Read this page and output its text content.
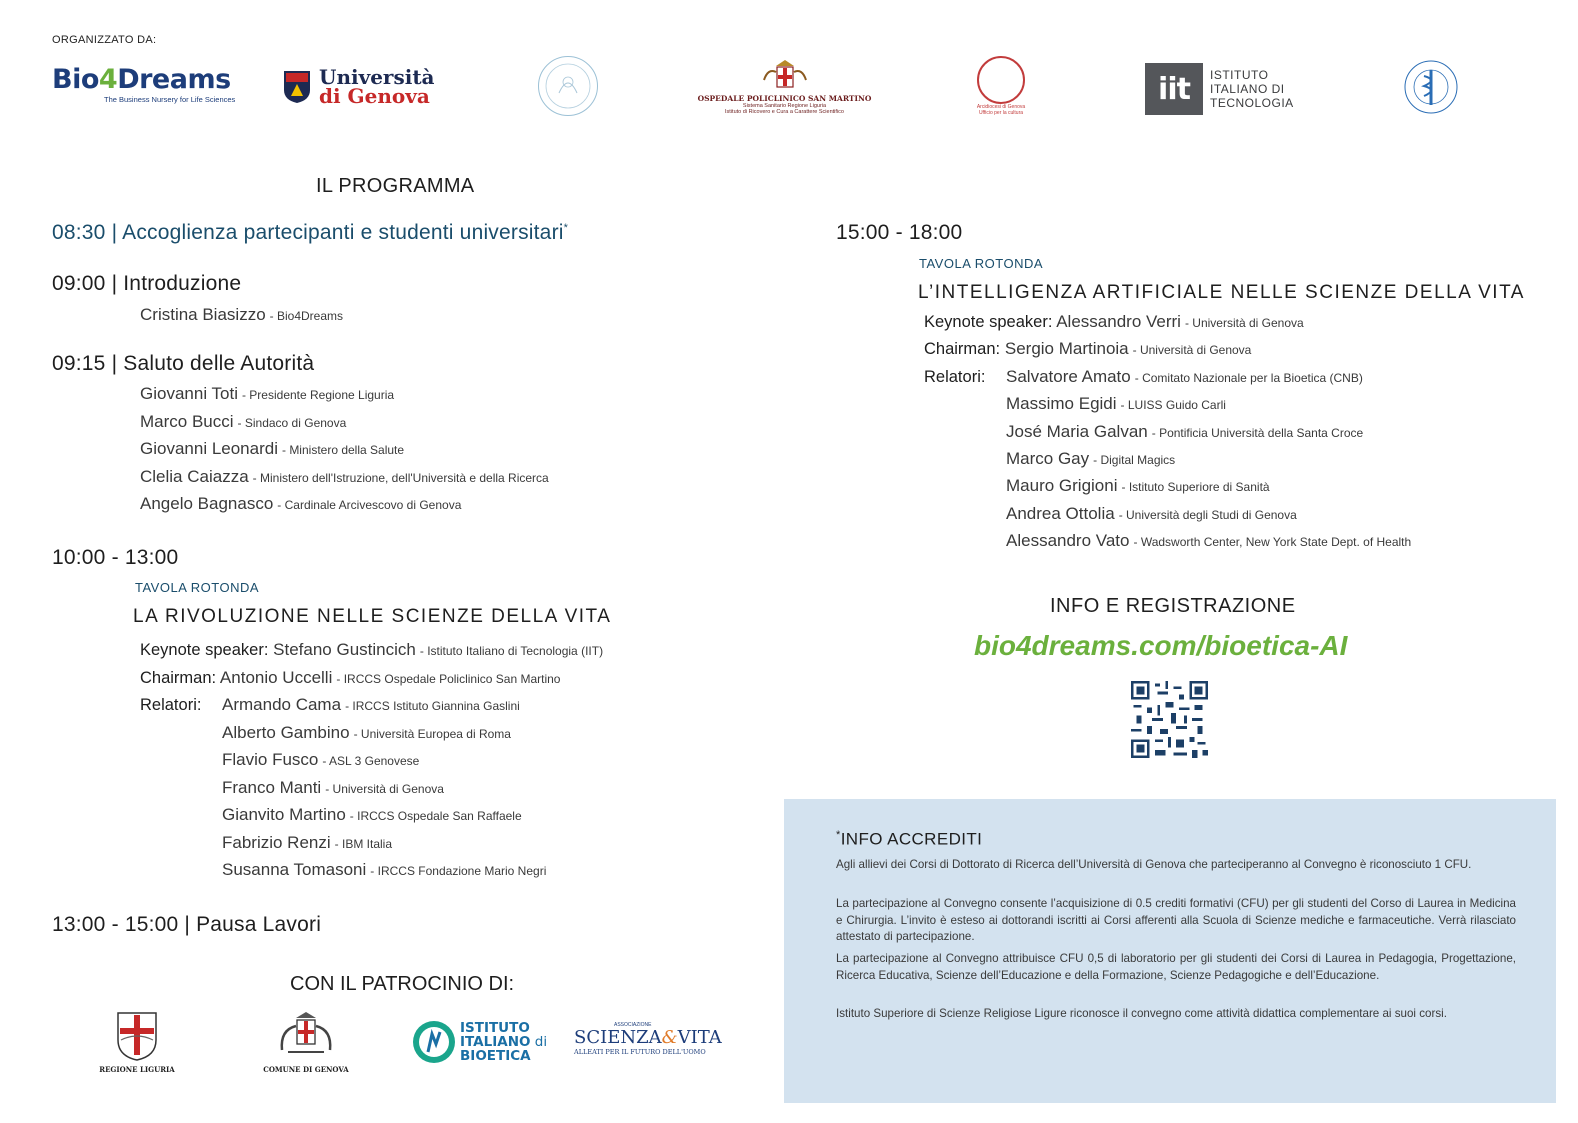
ORGANIZZATO DA:
Bio4Dreams
The Business Nursery for Life Sciences
Università
di Genova	OSPEDALE POLICLINICO SAN MARTINO
Sistema Sanitario Regione Liguria
Istituto di Ricovero e Cura a Carattere Scientifico
Arcidiocesi di Genova
Ufficio per la cultura
iit	ISTITUTO
ITALIANO DI
TECNOLOGIA
IL PROGRAMMA
08:30 | Accoglienza partecipanti e studenti universitari*
09:00 | Introduzione
Cristina Biasizzo - Bio4Dreams
09:15 | Saluto delle Autorità
Giovanni Toti - Presidente Regione Liguria
Marco Bucci - Sindaco di Genova
Giovanni Leonardi - Ministero della Salute
Clelia Caiazza - Ministero dell'Istruzione, dell'Università e della Ricerca
Angelo Bagnasco - Cardinale Arcivescovo di Genova
10:00 - 13:00
TAVOLA ROTONDA
LA RIVOLUZIONE NELLE SCIENZE DELLA VITA
Keynote speaker: Stefano Gustincich - Istituto Italiano di Tecnologia (IIT)
Chairman: Antonio Uccelli - IRCCS Ospedale Policlinico San Martino
Relatori: Armando Cama - IRCCS Istituto Giannina Gaslini
Alberto Gambino - Università Europea di Roma
Flavio Fusco - ASL 3 Genovese
Franco Manti - Università di Genova
Gianvito Martino - IRCCS Ospedale San Raffaele
Fabrizio Renzi - IBM Italia
Susanna Tomasoni - IRCCS Fondazione Mario Negri
13:00 - 15:00 | Pausa Lavori
15:00 - 18:00
TAVOLA ROTONDA
L’INTELLIGENZA ARTIFICIALE NELLE SCIENZE DELLA VITA
Keynote speaker: Alessandro Verri - Università di Genova
Chairman: Sergio Martinoia - Università di Genova
Relatori: Salvatore Amato - Comitato Nazionale per la Bioetica (CNB)
Massimo Egidi - LUISS Guido Carli
José Maria Galvan - Pontificia Università della Santa Croce
Marco Gay - Digital Magics
Mauro Grigioni - Istituto Superiore di Sanità
Andrea Ottolia - Università degli Studi di Genova
Alessandro Vato - Wadsworth Center, New York State Dept. of Health
INFO E REGISTRAZIONE
bio4dreams.com/bioetica-AI
CON IL PATROCINIO DI:
REGIONE LIGURIA	COMUNE DI GENOVA
ISTITUTO
ITALIANO di
BIOETICA
ASSOCIAZIONE
SCIENZA&VITA
ALLEATI PER IL FUTURO DELL'UOMO
*INFO ACCREDITI
Agli allievi dei Corsi di Dottorato di Ricerca dell’Università di Genova che parteciperanno al Convegno è riconosciuto 1 CFU.
La partecipazione al Convegno consente l’acquisizione di 0.5 crediti formativi (CFU) per gli studenti del Corso di Laurea in Medicina e Chirurgia. L’invito è esteso ai dottorandi iscritti ai Corsi afferenti alla Scuola di Scienze mediche e farmaceutiche. Verrà rilasciato attestato di partecipazione.
La partecipazione al Convegno attribuisce CFU 0,5 di laboratorio per gli studenti dei Corsi di Laurea in Pedagogia, Progettazione, Ricerca Educativa, Scienze dell’Educazione e della Formazione, Scienze Pedagogiche e dell’Educazione.
Istituto Superiore di Scienze Religiose Ligure riconosce il convegno come attività didattica complementare ai suoi corsi.
